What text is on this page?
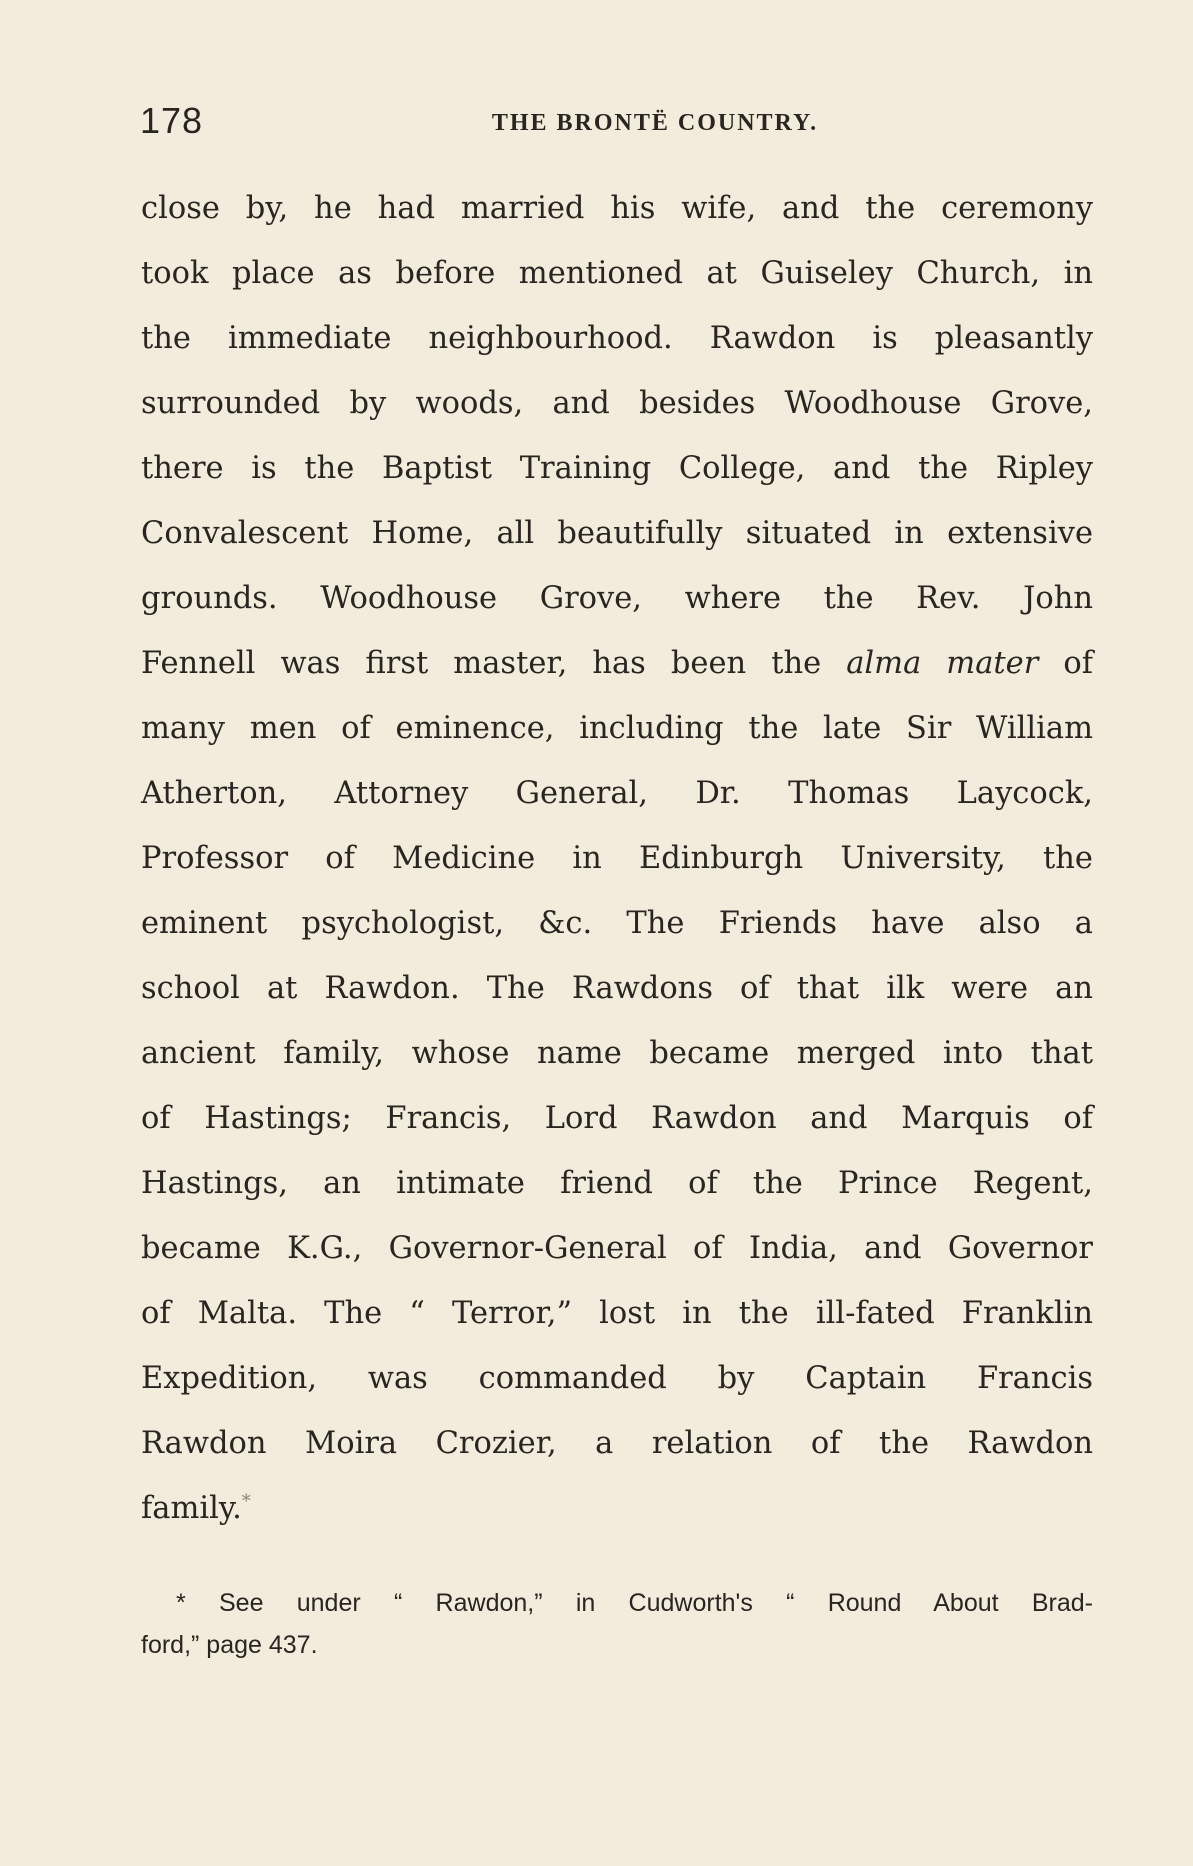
178	THE BRONTË COUNTRY.
close by, he had married his wife, and the ceremony
took place as before mentioned at Guiseley Church, in
the immediate neighbourhood. Rawdon is pleasantly
surrounded by woods, and besides Woodhouse Grove,
there is the Baptist Training College, and the Ripley
Convalescent Home, all beautifully situated in extensive
grounds. Woodhouse Grove, where the Rev. John
Fennell was first master, has been the alma mater of
many men of eminence, including the late Sir William
Atherton, Attorney General, Dr. Thomas Laycock,
Professor of Medicine in Edinburgh University, the
eminent psychologist, &c. The Friends have also a
school at Rawdon. The Rawdons of that ilk were an
ancient family, whose name became merged into that
of Hastings; Francis, Lord Rawdon and Marquis of
Hastings, an intimate friend of the Prince Regent,
became K.G., Governor-General of India, and Governor
of Malta. The “ Terror,” lost in the ill-fated Franklin
Expedition, was commanded by Captain Francis
Rawdon Moira Crozier, a relation of the Rawdon
family.*
* See under “ Rawdon,” in Cudworth's “ Round About Brad-
ford,” page 437.
